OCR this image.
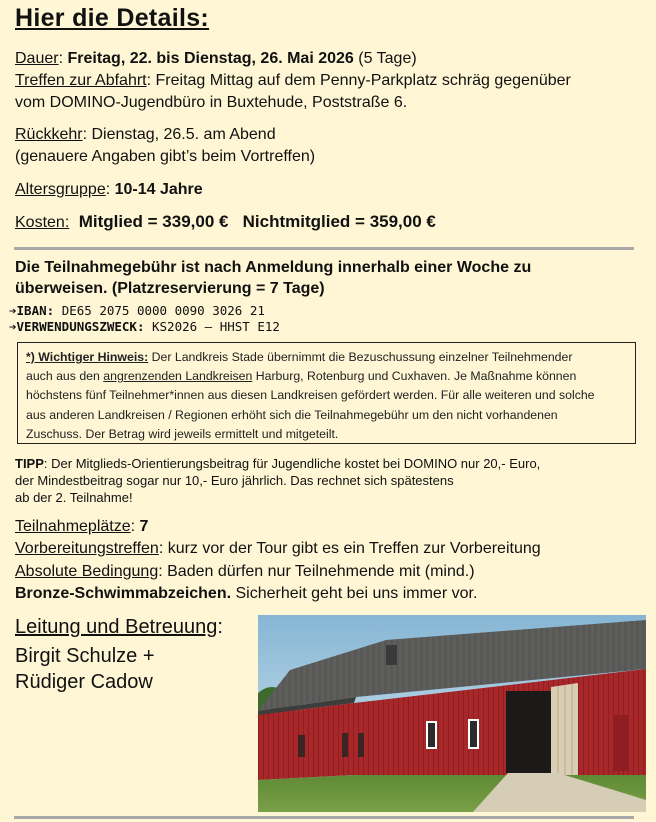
Hier die Details:
Dauer: Freitag, 22. bis Dienstag, 26. Mai 2026 (5 Tage)
Treffen zur Abfahrt: Freitag Mittag auf dem Penny-Parkplatz schräg gegenüber
vom DOMINO-Jugendbüro in Buxtehude, Poststraße 6.
Rückkehr: Dienstag, 26.5. am Abend
(genauere Angaben gibt’s beim Vortreffen)
Altersgruppe: 10-14 Jahre
Kosten: Mitglied = 339,00 €   Nichtmitglied = 359,00 €
Die Teilnahmegebühr ist nach Anmeldung innerhalb einer Woche zu
überweisen. (Platzreservierung = 7 Tage)
➔IBAN: DE65 2075 0000 0090 3026 21
➔VERWENDUNGSZWECK: KS2026 – HHST E12
*) Wichtiger Hinweis: Der Landkreis Stade übernimmt die Bezuschussung einzelner Teilnehmender
auch aus den angrenzenden Landkreisen Harburg, Rotenburg und Cuxhaven. Je Maßnahme können
höchstens fünf Teilnehmer*innen aus diesen Landkreisen gefördert werden. Für alle weiteren und solche
aus anderen Landkreisen / Regionen erhöht sich die Teilnahmegebühr um den nicht vorhandenen
Zuschuss. Der Betrag wird jeweils ermittelt und mitgeteilt.
TIPP: Der Mitglieds-Orientierungsbeitrag für Jugendliche kostet bei DOMINO nur 20,- Euro,
der Mindestbeitrag sogar nur 10,- Euro jährlich. Das rechnet sich spätestens
ab der 2. Teilnahme!
Teilnahmeplätze: 7
Vorbereitungstreffen: kurz vor der Tour gibt es ein Treffen zur Vorbereitung
Absolute Bedingung: Baden dürfen nur Teilnehmende mit (mind.)
Bronze-Schwimmabzeichen. Sicherheit geht bei uns immer vor.
Leitung und Betreuung:
Birgit Schulze +
Rüdiger Cadow
